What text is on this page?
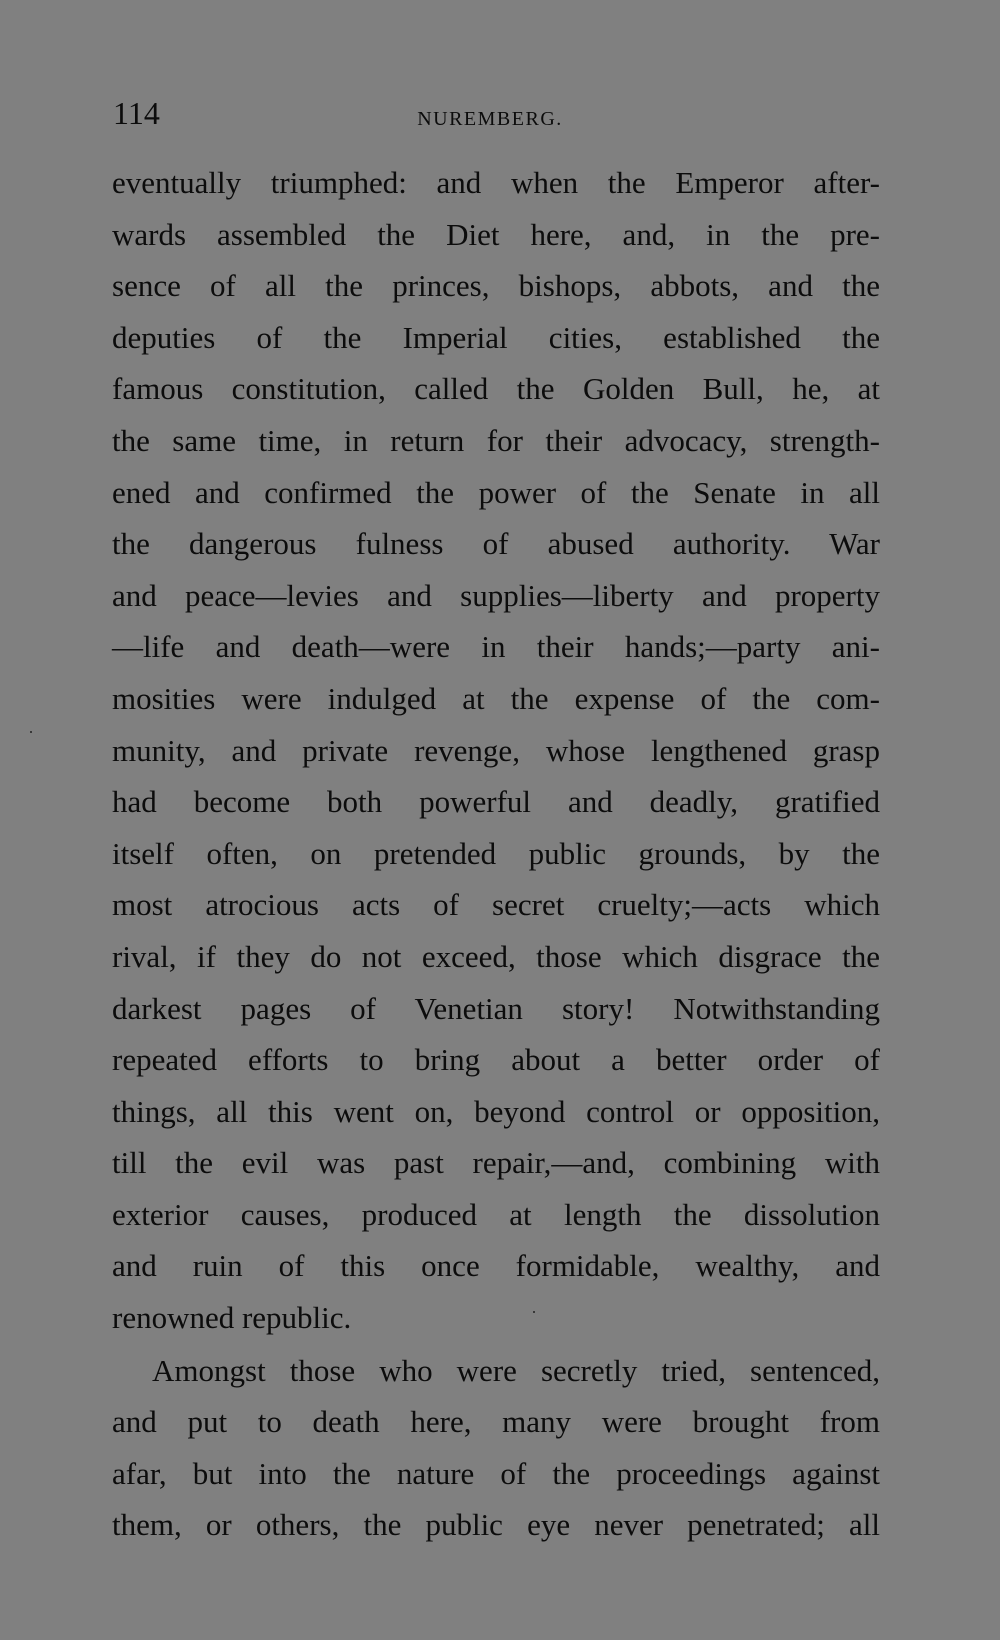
114	NUREMBERG.
eventually triumphed: and when the Emperor after-
wards assembled the Diet here, and, in the pre-
sence of all the princes, bishops, abbots, and the
deputies of the Imperial cities, established the
famous constitution, called the Golden Bull, he, at
the same time, in return for their advocacy, strength-
ened and confirmed the power of the Senate in all
the dangerous fulness of abused authority. War
and peace—levies and supplies—liberty and property
—life and death—were in their hands;—party ani-
mosities were indulged at the expense of the com-
munity, and private revenge, whose lengthened grasp
had become both powerful and deadly, gratified
itself often, on pretended public grounds, by the
most atrocious acts of secret cruelty;—acts which
rival, if they do not exceed, those which disgrace the
darkest pages of Venetian story! Notwithstanding
repeated efforts to bring about a better order of
things, all this went on, beyond control or opposition,
till the evil was past repair,—and, combining with
exterior causes, produced at length the dissolution
and ruin of this once formidable, wealthy, and
renowned republic.
Amongst those who were secretly tried, sentenced,
and put to death here, many were brought from
afar, but into the nature of the proceedings against
them, or others, the public eye never penetrated; all
